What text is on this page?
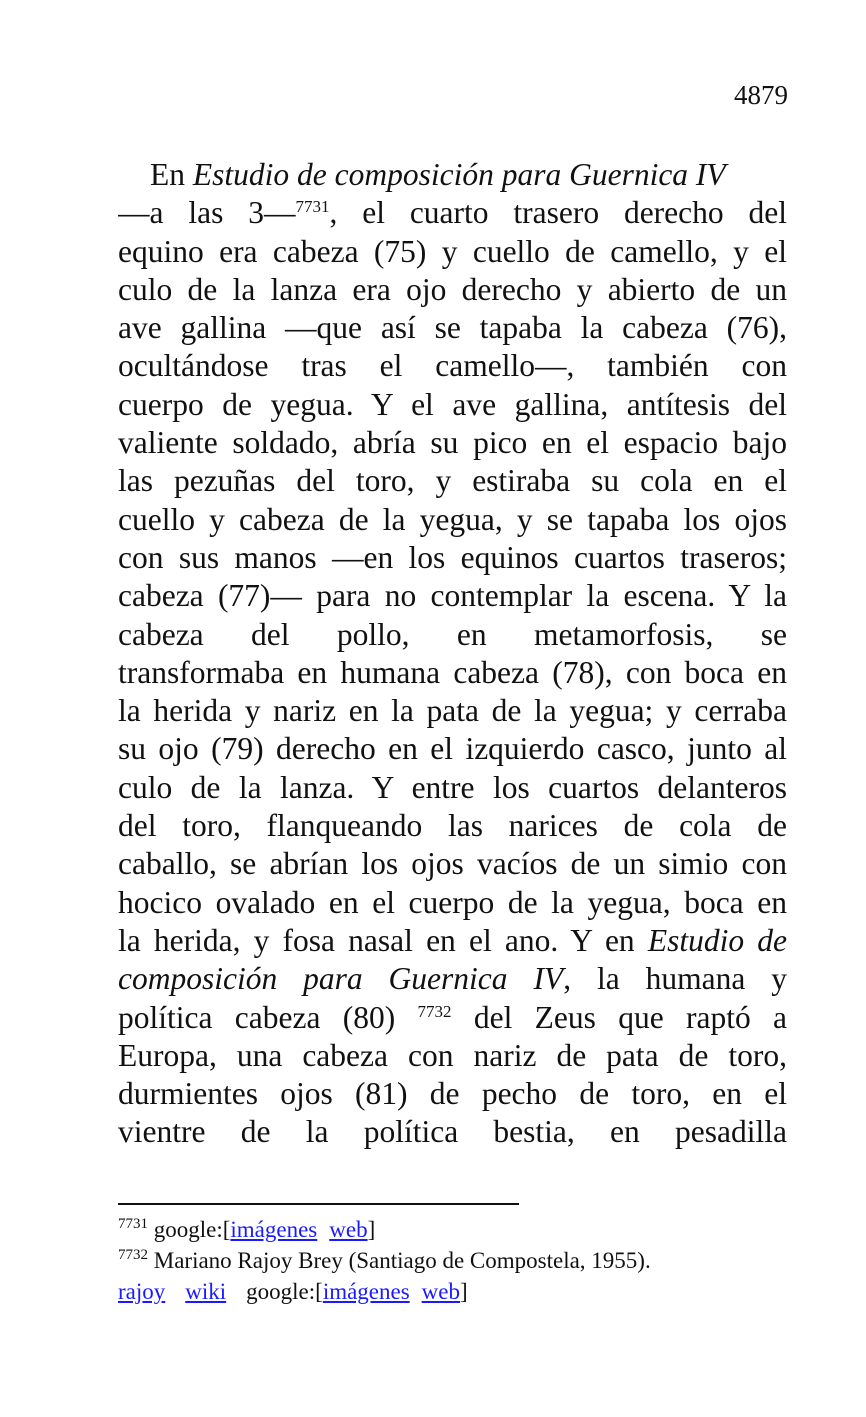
4879
En Estudio de composición para Guernica IV
—a las 3—$^{7731}$, el cuarto trasero derecho del
equino era cabeza (75) y cuello de camello, y el
culo de la lanza era ojo derecho y abierto de un
ave gallina —que así se tapaba la cabeza (76),
ocultándose tras el camello—, también con
cuerpo de yegua. Y el ave gallina, antítesis del
valiente soldado, abría su pico en el espacio bajo
las pezuñas del toro, y estiraba su cola en el
cuello y cabeza de la yegua, y se tapaba los ojos
con sus manos —en los equinos cuartos traseros;
cabeza (77)— para no contemplar la escena. Y la
cabeza del pollo, en metamorfosis, se
transformaba en humana cabeza (78), con boca en
la herida y nariz en la pata de la yegua; y cerraba
su ojo (79) derecho en el izquierdo casco, junto al
culo de la lanza. Y entre los cuartos delanteros
del toro, flanqueando las narices de cola de
caballo, se abrían los ojos vacíos de un simio con
hocico ovalado en el cuerpo de la yegua, boca en
la herida, y fosa nasal en el ano. Y en Estudio de
composición para Guernica IV, la humana y
política cabeza (80) $^{7732}$ del Zeus que raptó a
Europa, una cabeza con nariz de pata de toro,
durmientes ojos (81) de pecho de toro, en el
vientre de la política bestia, en pesadilla
$^{7731}$ google:[imágenes web]
$^{7732}$ Mariano Rajoy Brey (Santiago de Compostela, 1955).
rajoy wiki google:[imágenes web]
